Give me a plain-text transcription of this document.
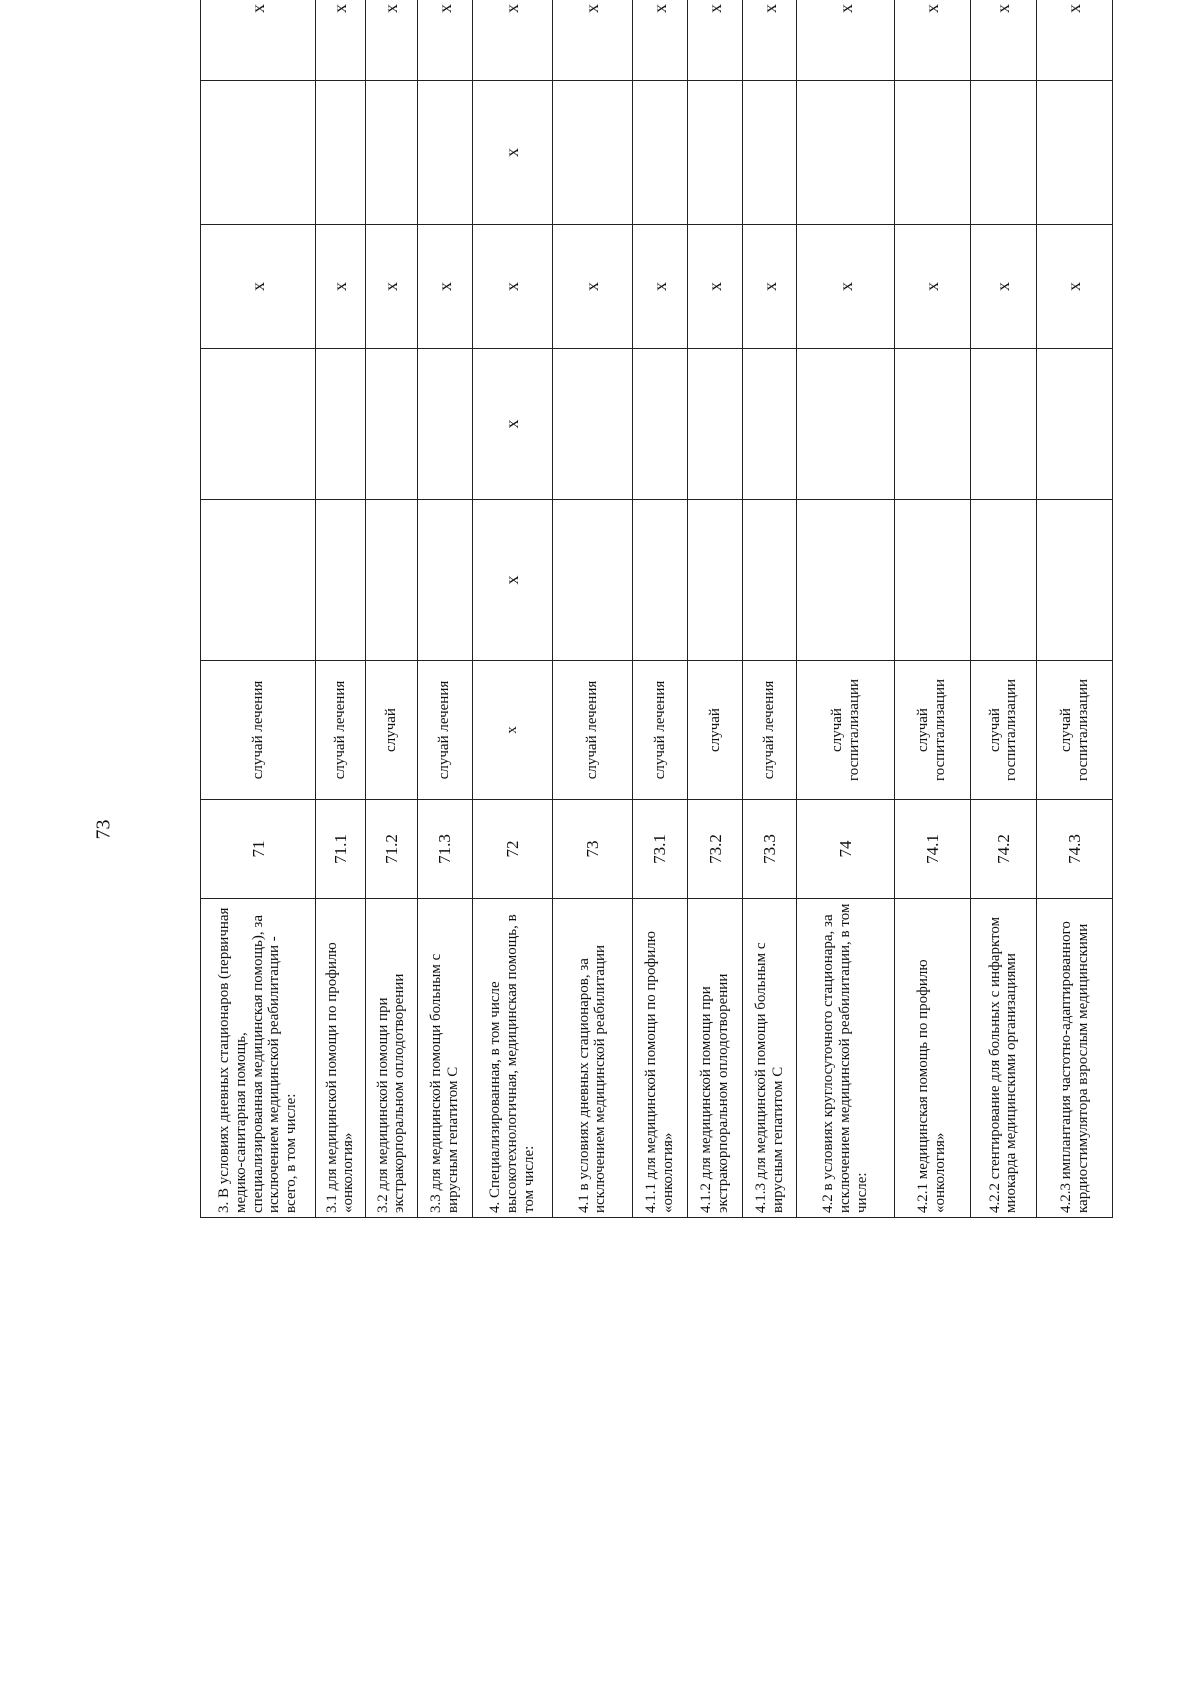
73
3. В условиях дневных стационаров (первичная медико-санитарная помощь, специализированная медицинская помощь), за исключением медицинской реабилитации - всего, в том числе:	71	случай лечения			х		х		
3.1 для медицинской помощи по профилю «онкология»	71.1	случай лечения			х		х		
3.2 для медицинской помощи при экстракорпоральном оплодотворении	71.2	случай			х		х		
3.3 для медицинской помощи больным с вирусным гепатитом С	71.3	случай лечения			х		х		
4. Специализированная, в том числе высокотехнологичная, медицинская помощь, в том числе:	72	х	х	х	х	х	х		
4.1 в условиях дневных стационаров, за исключением медицинской реабилитации	73	случай лечения			х		х		
4.1.1 для медицинской помощи по профилю «онкология»	73.1	случай лечения			х		х		
4.1.2 для медицинской помощи при экстракорпоральном оплодотворении	73.2	случай			х		х		
4.1.3 для медицинской помощи больным с вирусным гепатитом С	73.3	случай лечения			х		х		
4.2 в условиях круглосуточного стационара, за исключением медицинской реабилитации, в том числе:	74	случай госпитализации			х		х		
4.2.1 медицинская помощь по профилю «онкология»	74.1	случай госпитализации			х		х		
4.2.2 стентирование для больных с инфарктом миокарда медицинскими организациями	74.2	случай госпитализации			х		х		
4.2.3 имплантация частотно-адаптированного кардиостимулятора взрослым медицинскими	74.3	случай госпитализации			х		х		
